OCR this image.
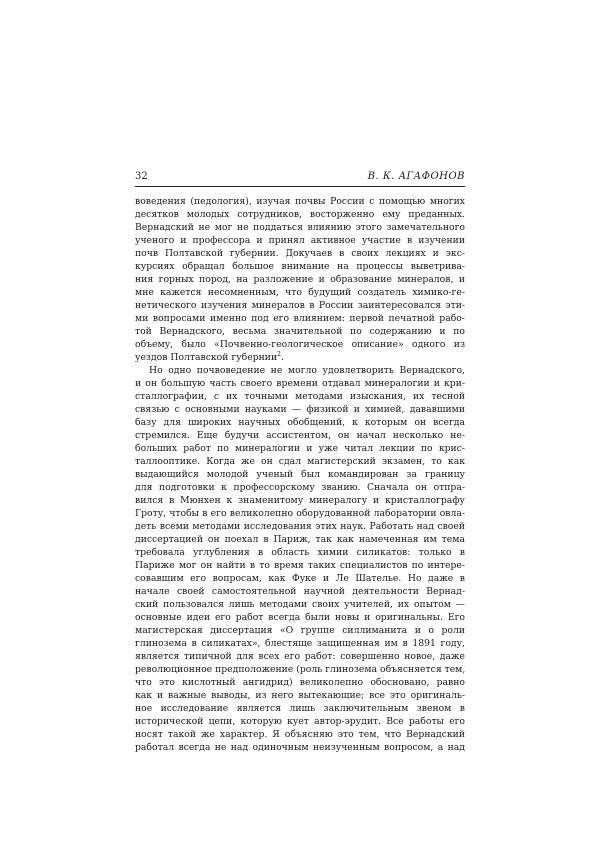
32	В. К. АГАФОНОВ
воведения (педология), изучая почвы России с помощью многих
десятков молодых сотрудников, восторженно ему преданных.
Вернадский не мог не поддаться влиянию этого замечательного
ученого и профессора и принял активное участие в изучении
почв Полтавской губернии. Докучаев в своих лекциях и экс-
курсиях обращал большое внимание на процессы выветрива-
ния горных пород, на разложение и образование минералов, и
мне кажется несомненным, что будущий создатель химико-ге-
нетического изучения минералов в России заинтересовался эти-
ми вопросами именно под его влиянием: первой печатной рабо-
той Вернадского, весьма значительной по содержанию и по
объему, было «Почвенно-геологическое описание» одного из
уездов Полтавской губернии$^2$.
Но одно почвоведение не могло удовлетворить Вернадского,
и он большую часть своего времени отдавал минералогии и кри-
сталлографии, с их точными методами изыскания, их тесной
связью с основными науками — физикой и химией, дававшими
базу для широких научных обобщений, к которым он всегда
стремился. Еще будучи ассистентом, он начал несколько не-
больших работ по минералогии и уже читал лекции по крис-
таллооптике. Когда же он сдал магистерский экзамен, то как
выдающийся молодой ученый был командирован за границу
для подготовки к профессорскому званию. Сначала он отпра-
вился в Мюнхен к знаменитому минералогу и кристаллографу
Гроту, чтобы в его великолепно оборудованной лаборатории овла-
деть всеми методами исследования этих наук. Работать над своей
диссертацией он поехал в Париж, так как намеченная им тема
требовала углубления в область химии силикатов: только в
Париже мог он найти в то время таких специалистов по интере-
совавшим его вопросам, как Фуке и Ле Шателье. Но даже в
начале своей самостоятельной научной деятельности Вернад-
ский пользовался лишь методами своих учителей, их опытом —
основные идеи его работ всегда были новы и оригинальны. Его
магистерская диссертация «О группе силлиманита и о роли
глинозема в силикатах», блестяще защищенная им в 1891 году,
является типичной для всех его работ: совершенно новое, даже
революционное предположение (роль глинозема объясняется тем,
что это кислотный ангидрид) великолепно обосновано, равно
как и важные выводы, из него вытекающие; все это оригиналь-
ное исследование является лишь заключительным звеном в
исторической цепи, которую кует автор-эрудит. Все работы его
носят такой же характер. Я объясняю это тем, что Вернадский
работал всегда не над одиночным неизученным вопросом, а над
